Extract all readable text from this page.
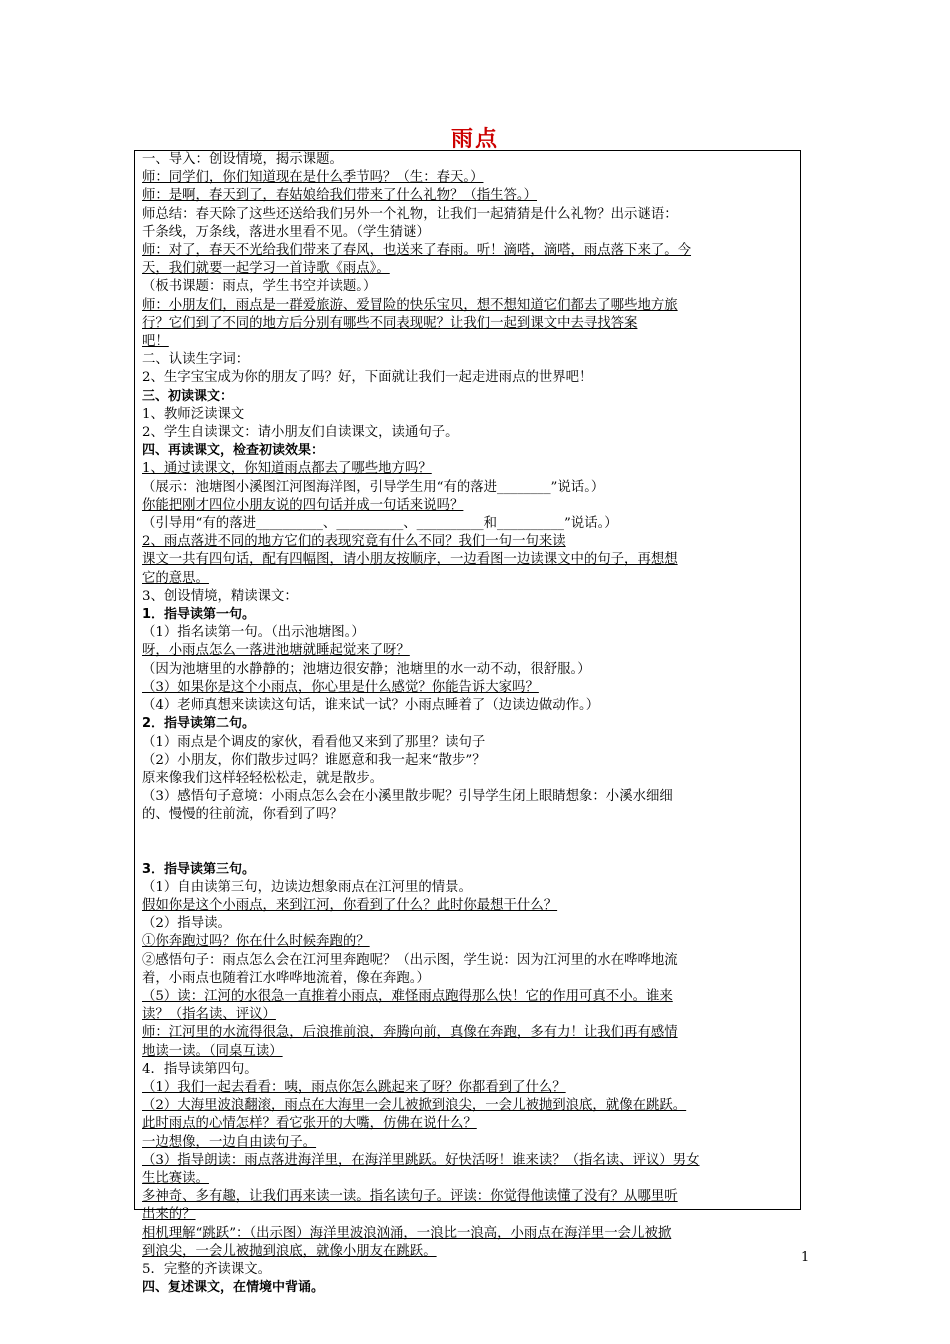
雨点
一、导入：创设情境，揭示课题。
师：同学们，你们知道现在是什么季节吗？（生：春天。）
师：是啊，春天到了，春姑娘给我们带来了什么礼物？（指生答。）
师总结：春天除了这些还送给我们另外一个礼物，让我们一起猜猜是什么礼物？出示谜语：
千条线，万条线，落进水里看不见。（学生猜谜）
师：对了，春天不光给我们带来了春风，也送来了春雨。听！滴嗒，滴嗒，雨点落下来了。今
天，我们就要一起学习一首诗歌《雨点》。
（板书课题：雨点，学生书空并读题。）
师：小朋友们，雨点是一群爱旅游、爱冒险的快乐宝贝，想不想知道它们都去了哪些地方旅
行？它们到了不同的地方后分别有哪些不同表现呢？让我们一起到课文中去寻找答案
吧！
二、认读生字词：
2、生字宝宝成为你的朋友了吗？好，下面就让我们一起走进雨点的世界吧！
三、初读课文：
1、教师泛读课文
2、学生自读课文：请小朋友们自读课文，读通句子。
四、再读课文，检查初读效果：
1、通过读课文，你知道雨点都去了哪些地方吗？
（展示：池塘图小溪图江河图海洋图，引导学生用“有的落进________”说话。）
你能把刚才四位小朋友说的四句话并成一句话来说吗？
（引导用“有的落进__________、__________、__________和__________”说话。）
2、雨点落进不同的地方它们的表现究竟有什么不同？我们一句一句来读
课文一共有四句话，配有四幅图，请小朋友按顺序，一边看图一边读课文中的句子，再想想
它的意思。
3、创设情境，精读课文：
1．指导读第一句。
（1）指名读第一句。（出示池塘图。）
呀，小雨点怎么一落进池塘就睡起觉来了呀？
（因为池塘里的水静静的；池塘边很安静；池塘里的水一动不动，很舒服。）
（3）如果你是这个小雨点，你心里是什么感觉？你能告诉大家吗？
（4）老师真想来读读这句话，谁来试一试？小雨点睡着了（边读边做动作。）
2．指导读第二句。
（1）雨点是个调皮的家伙，看看他又来到了那里？读句子
（2）小朋友，你们散步过吗？谁愿意和我一起来“散步”？
原来像我们这样轻轻松松走，就是散步。
（3）感悟句子意境：小雨点怎么会在小溪里散步呢？引导学生闭上眼睛想象：小溪水细细
的、慢慢的往前流，你看到了吗？
3．指导读第三句。
（1）自由读第三句，边读边想象雨点在江河里的情景。
假如你是这个小雨点，来到江河，你看到了什么？此时你最想干什么？
（2）指导读。
①你奔跑过吗？你在什么时候奔跑的？
②感悟句子：雨点怎么会在江河里奔跑呢？（出示图，学生说：因为江河里的水在哗哗地流
着，小雨点也随着江水哗哗地流着，像在奔跑。）
（5）读：江河的水很急一直推着小雨点，难怪雨点跑得那么快！它的作用可真不小。谁来
读？（指名读、评议）
师：江河里的水流得很急，后浪推前浪，奔腾向前，真像在奔跑，多有力！让我们再有感情
地读一读。（同桌互读）
4．指导读第四句。
（1）我们一起去看看：咦，雨点你怎么跳起来了呀？你都看到了什么？
（2）大海里波浪翻滚，雨点在大海里一会儿被掀到浪尖，一会儿被抛到浪底，就像在跳跃。
此时雨点的心情怎样？看它张开的大嘴，仿佛在说什么？
一边想像，一边自由读句子。
（3）指导朗读：雨点落进海洋里，在海洋里跳跃。好快活呀！谁来读？（指名读、评议）男女
生比赛读。
多神奇、多有趣，让我们再来读一读。指名读句子。评读：你觉得他读懂了没有？从哪里听
出来的？
相机理解“跳跃”：（出示图）海洋里波浪汹涌，一浪比一浪高，小雨点在海洋里一会儿被掀
到浪尖，一会儿被抛到浪底，就像小朋友在跳跃。
5．完整的齐读课文。
四、复述课文，在情境中背诵。
1
